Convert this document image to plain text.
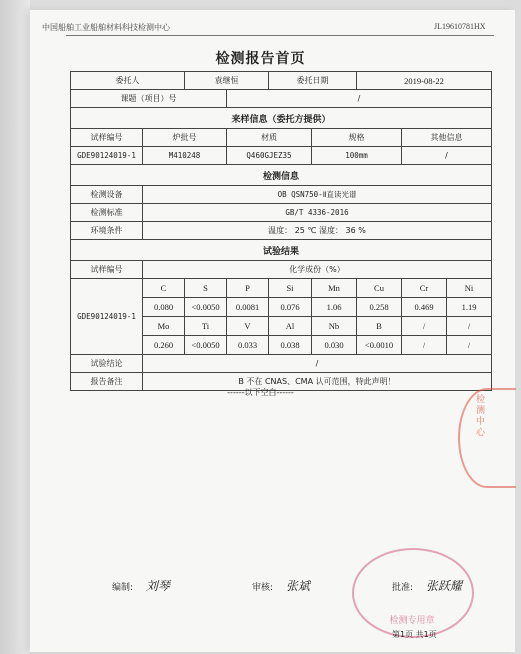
中国船舶工业船舶材料科技检测中心	JL19610781HX
检测报告首页
委托人		袁继恒		委托日期		2019-08-22		
课题（项目）号			/					
来样信息（委托方提供）								
试样编号	炉批号		材质		规格		其他信息	
GDE90124019-1	M410248		Q460GJEZ35		100mm		/	
检测信息								
检测设备	OB QSN750-Ⅱ直读光谱							
检测标准	GB/T 4336-2016							
环境条件	温度： 25 ℃ 湿度： 36 %							
试验结果								
试样编号	化学成份（%）							
GDE90124019-1	C	S	P	Si	Mn	Cu	Cr	Ni
	0.080	<0.0050	0.0081	0.076	1.06	0.258	0.469	1.19
	Mo	Ti	V	Al	Nb	B	/	/
	0.260	<0.0050	0.033	0.038	0.030	<0.0010	/	/
试验结论	/							
报告备注	B 不在 CNAS、CMA 认可范围，特此声明！							
------以下空白------
检测中心
检测专用章
编制: 刘琴	审核: 张斌	批准: 张跃耀
第1页 共1页
